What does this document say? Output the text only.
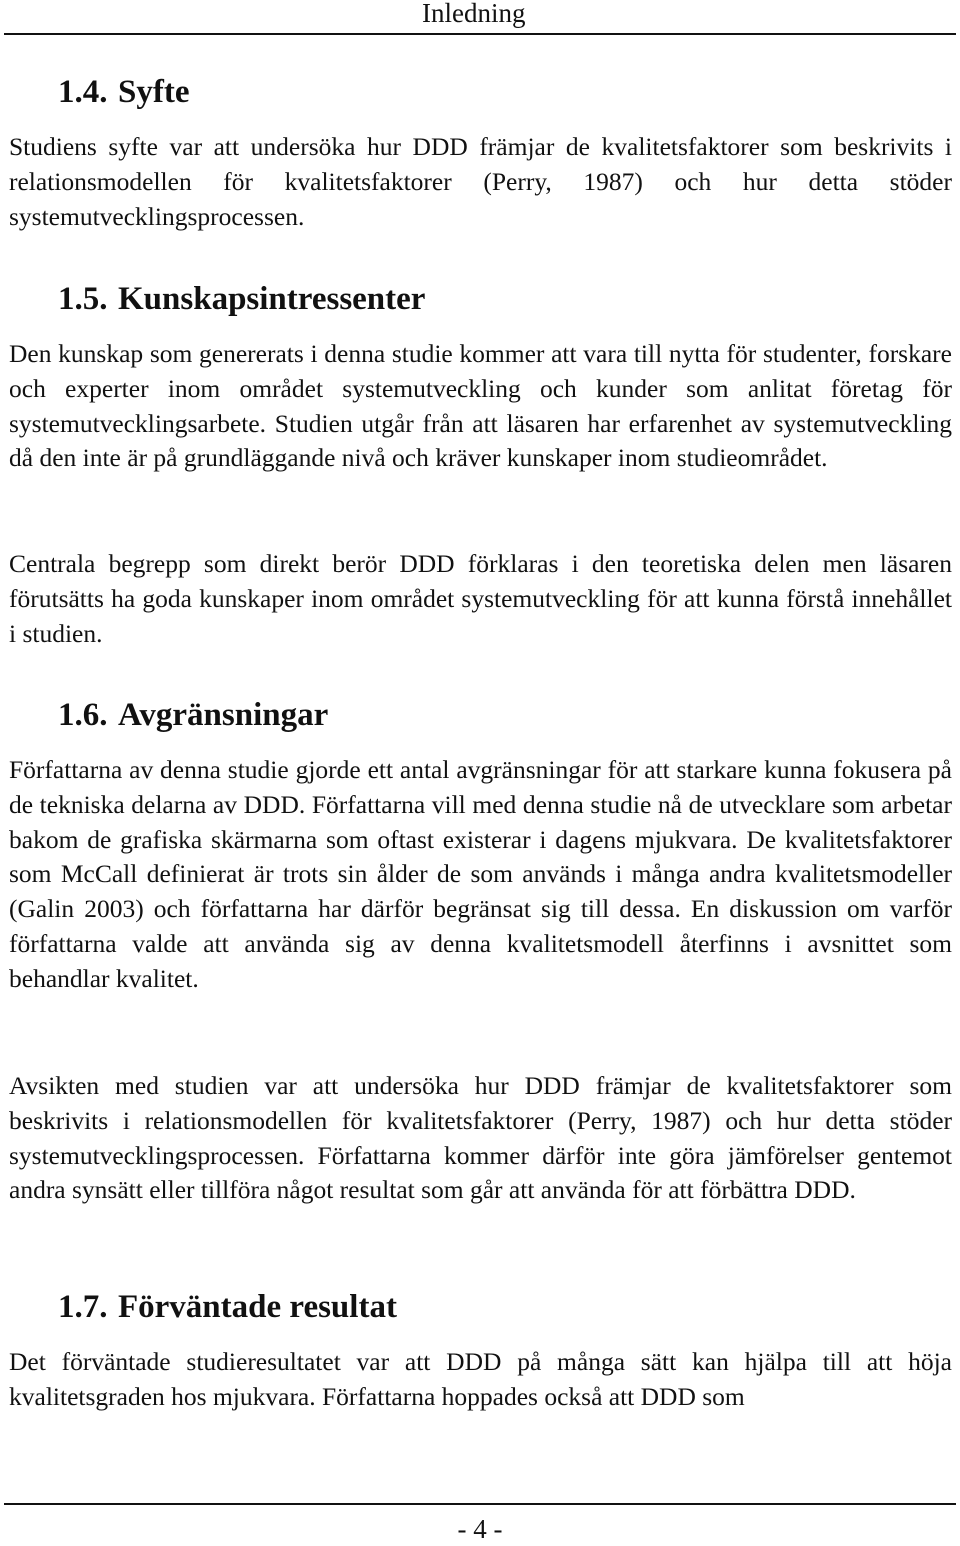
Inledning
1.4. Syfte

Studiens syfte var att undersöka hur DDD främjar de kvalitetsfaktorer som beskrivits i relationsmodellen för kvalitetsfaktorer (Perry, 1987) och hur detta stöder systemutvecklingsprocessen.

1.5. Kunskapsintressenter

Den kunskap som genererats i denna studie kommer att vara till nytta för studenter, forskare och experter inom området systemutveckling och kunder som anlitat företag för systemutvecklingsarbete. Studien utgår från att läsaren har erfarenhet av systemutveckling då den inte är på grundläggande nivå och kräver kunskaper inom studieområdet.

Centrala begrepp som direkt berör DDD förklaras i den teoretiska delen men läsaren förutsätts ha goda kunskaper inom området systemutveckling för att kunna förstå innehållet i studien.

1.6. Avgränsningar

Författarna av denna studie gjorde ett antal avgränsningar för att starkare kunna fokusera på de tekniska delarna av DDD. Författarna vill med denna studie nå de utvecklare som arbetar bakom de grafiska skärmarna som oftast existerar i dagens mjukvara. De kvalitetsfaktorer som McCall definierat är trots sin ålder de som används i många andra kvalitetsmodeller (Galin 2003) och författarna har därför begränsat sig till dessa. En diskussion om varför författarna valde att använda sig av denna kvalitetsmodell återfinns i avsnittet som behandlar kvalitet.

Avsikten med studien var att undersöka hur DDD främjar de kvalitetsfaktorer som beskrivits i relationsmodellen för kvalitetsfaktorer (Perry, 1987) och hur detta stöder systemutvecklingsprocessen. Författarna kommer därför inte göra jämförelser gentemot andra synsätt eller tillföra något resultat som går att använda för att förbättra DDD.

1.7. Förväntade resultat

Det förväntade studieresultatet var att DDD på många sätt kan hjälpa till att höja kvalitetsgraden hos mjukvara. Författarna hoppades också att DDD som

- 4 -
